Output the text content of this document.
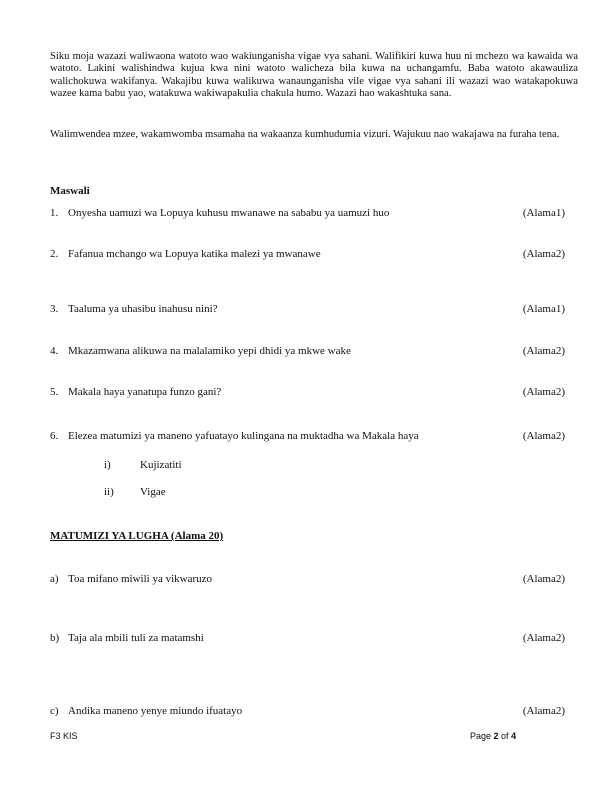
Siku moja wazazi waliwaona watoto wao wakiunganisha vigae vya sahani. Walifikiri kuwa huu ni mchezo wa kawaida wa watoto. Lakini walishindwa kujua kwa nini watoto walicheza bila kuwa na uchangamfu. Baba watoto akawauliza walichokuwa wakifanya. Wakajibu kuwa walikuwa wanaunganisha vile vigae vya sahani ili wazazi wao watakapokuwa wazee kama babu yao, watakuwa wakiwapakulia chakula humo. Wazazi hao wakashtuka sana.

Walimwendea mzee, wakamwomba msamaha na wakaanza kumhudumia vizuri. Wajukuu nao wakajawa na furaha tena.

Maswali
1. Onyesha uamuzi wa Lopuya kuhusu mwanawe na sababu ya uamuzi huo	(Alama1)
2. Fafanua mchango wa Lopuya katika malezi ya mwanawe	(Alama2)
3. Taaluma ya uhasibu inahusu nini?	(Alama1)
4. Mkazamwana alikuwa na malalamiko yepi dhidi ya mkwe wake	(Alama2)
5. Makala haya yanatupa funzo gani?	(Alama2)
6. Elezea matumizi ya maneno yafuatayo kulingana na muktadha wa Makala haya	(Alama2)
i)	Kujizatiti
ii) Vigae
MATUMIZI YA LUGHA (Alama 20)
a) Toa mifano miwili ya vikwaruzo	(Alama2)
b) Taja ala mbili tuli za matamshi	(Alama2)
c) Andika maneno yenye miundo ifuatayo	(Alama2)
F3 KIS	Page 2 of 4
